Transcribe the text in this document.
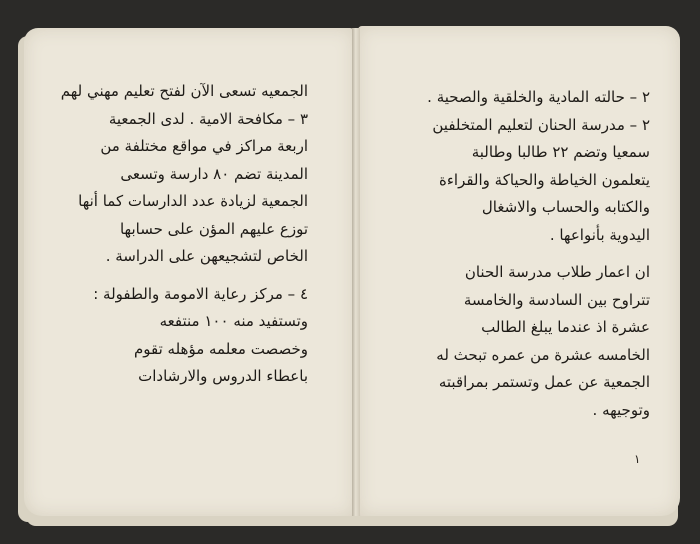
الجمعيه تسعى الآن لفتح تعليم مهني لهم
٣ – مكافحة الامية . لدى الجمعية
اربعة مراكز في مواقع مختلفة من
المدينة تضم ٨٠ دارسة وتسعى
الجمعية لزيادة عدد الدارسات كما أنها
توزع عليهم المؤن على حسابها
الخاص لتشجيعهن على الدراسة .
٤ – مركز رعاية الامومة والطفولة :
وتستفيد منه ١٠٠ منتفعه
وخصصت معلمه مؤهله تقوم
باعطاء الدروس والارشادات
٢ – حالته المادية والخلقية والصحية .
٢ – مدرسة الحنان لتعليم المتخلفين
سمعيا وتضم ٢٢ طالبا وطالبة
يتعلمون الخياطة والحياكة والقراءة
والكتابه والحساب والاشغال
اليدوية بأنواعها .
ان اعمار طلاب مدرسة الحنان
تتراوح بين السادسة والخامسة
عشرة اذ عندما يبلغ الطالب
الخامسه عشرة من عمره تبحث له
الجمعية عن عمل وتستمر بمراقبته
وتوجيهه .
١
